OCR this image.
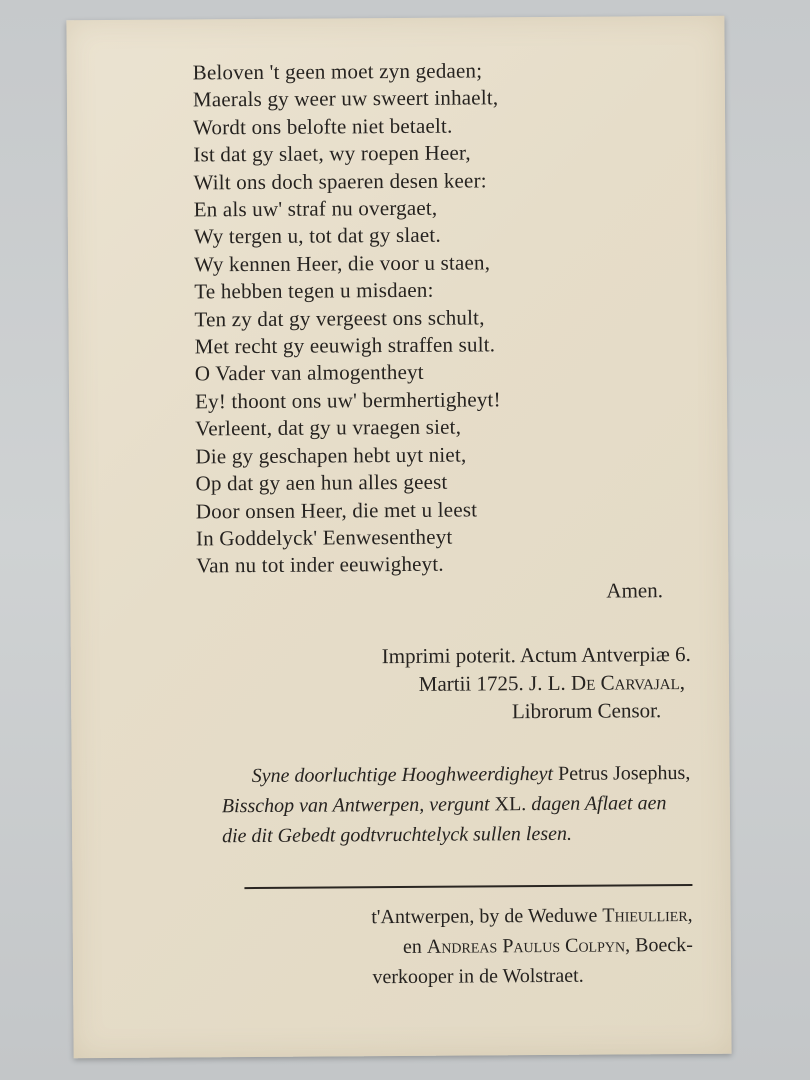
Beloven 't geen moet zyn gedaen;
Maerals gy weer uw sweert inhaelt,
Wordt ons belofte niet betaelt.
Ist dat gy slaet, wy roepen Heer,
Wilt ons doch spaeren desen keer:
En als uw' straf nu overgaet,
Wy tergen u, tot dat gy slaet.
Wy kennen Heer, die voor u staen,
Te hebben tegen u misdaen:
Ten zy dat gy vergeest ons schult,
Met recht gy eeuwigh straffen sult.
O Vader van almogentheyt
Ey! thoont ons uw' bermhertigheyt!
Verleent, dat gy u vraegen siet,
Die gy geschapen hebt uyt niet,
Op dat gy aen hun alles geest
Door onsen Heer, die met u leest
In Goddelyck' Eenwesentheyt
Van nu tot inder eeuwigheyt.
Amen.
Imprimi poterit. Actum Antverpiæ 6.
Martii 1725. J. L. De Carvajal,
Librorum Censor.
Syne doorluchtige Hooghweerdigheyt Petrus Josephus, Bisschop van Antwerpen, vergunt XL. dagen Aflaet aen die dit Gebedt godtvruchtelyck sullen lesen.
t'Antwerpen, by de Weduwe Thieullier,
en Andreas Paulus Colpyn, Boeck-
verkooper in de Wolstraet.
